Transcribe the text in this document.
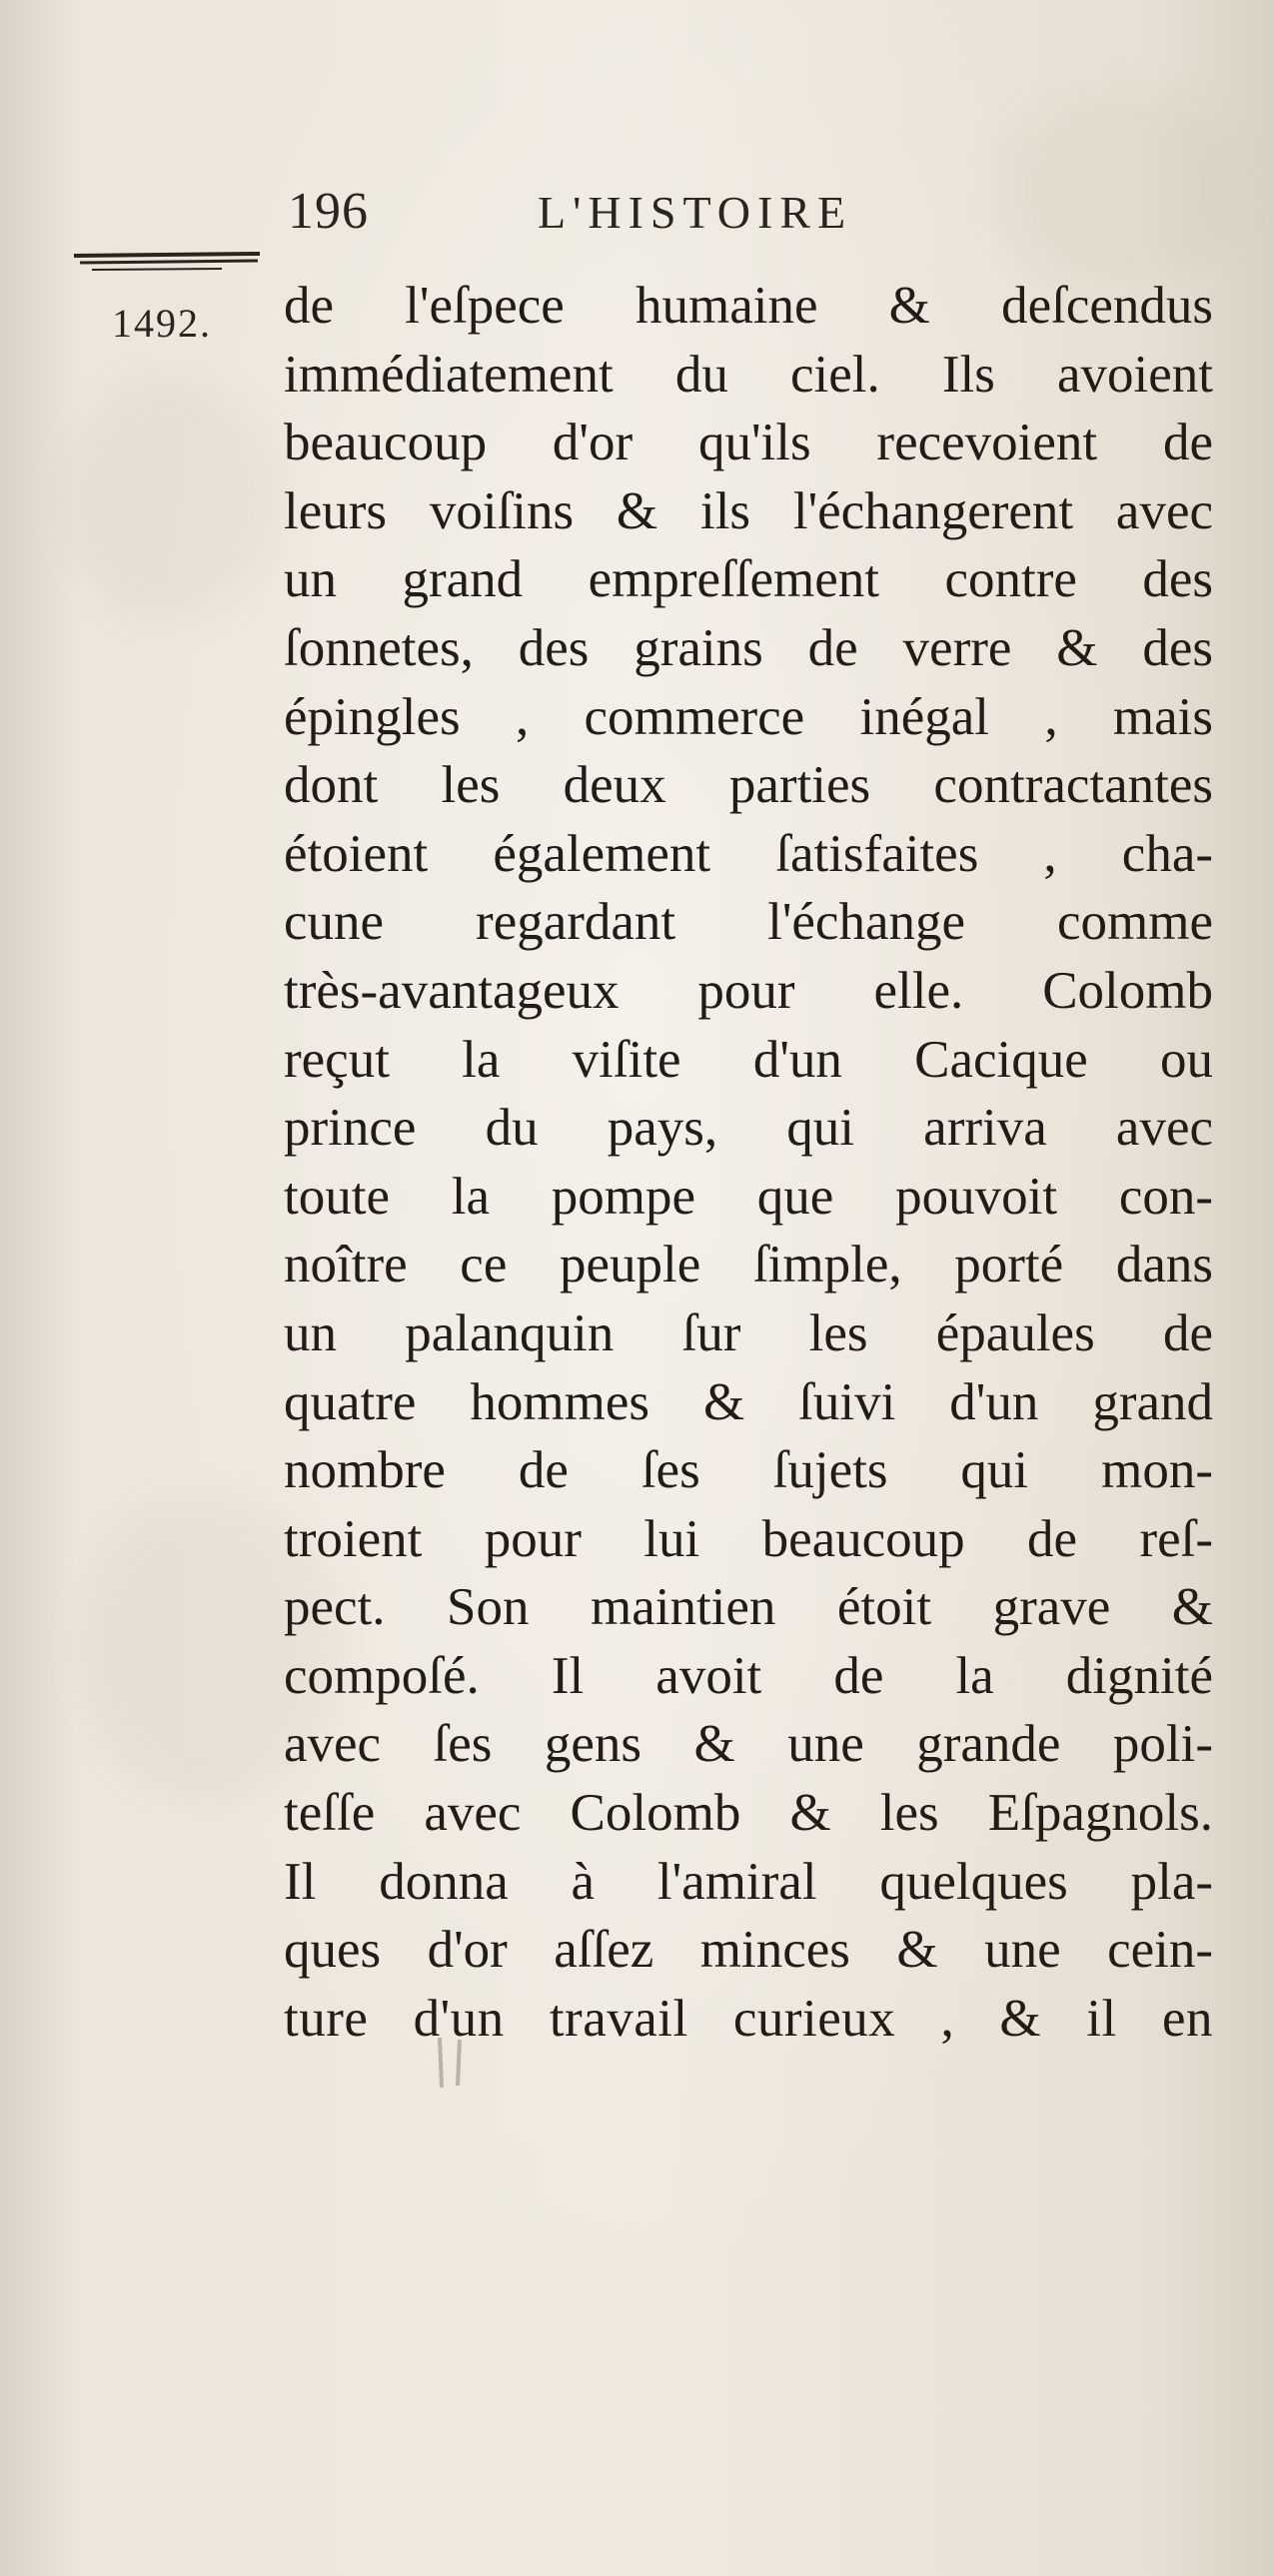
196	L'HISTOIRE
1492. de l'eſpece humaine & deſcendus
immédiatement du ciel. Ils avoient
beaucoup d'or qu'ils recevoient de
leurs voiſins & ils l'échangerent avec
un grand empreſſement contre des
ſonnetes, des grains de verre & des
épingles , commerce inégal , mais
dont les deux parties contractantes
étoient également ſatisfaites , cha-
cune regardant l'échange comme
très-avantageux pour elle. Colomb
reçut la viſite d'un Cacique ou
prince du pays, qui arriva avec
toute la pompe que pouvoit con-
noître ce peuple ſimple, porté dans
un palanquin ſur les épaules de
quatre hommes & ſuivi d'un grand
nombre de ſes ſujets qui mon-
troient pour lui beaucoup de reſ-
pect. Son maintien étoit grave &
compoſé. Il avoit de la dignité
avec ſes gens & une grande poli-
teſſe avec Colomb & les Eſpagnols.
Il donna à l'amiral quelques pla-
ques d'or aſſez minces & une cein-
ture d'un travail curieux , & il en
